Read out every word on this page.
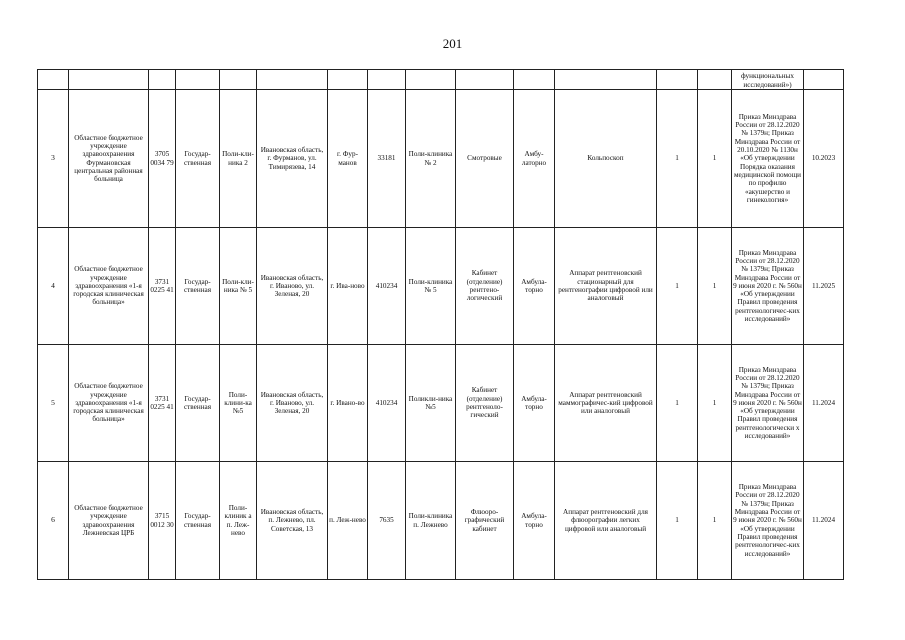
201
														функциональных исследований»)	
3	Областное бюджетное учреждение здравоохранения Фурмановская центральная районная больница	3705 0034 79	Государ-ственная	Поли-кли-ника 2	Ивановская область, г. Фурманов, ул. Тимирязева, 14	г. Фур-манов	33181	Поли-клиника № 2	Смотровые	Амбу-латорно	Кольпоскоп	1	1	Приказ Минздрава России от 28.12.2020 № 1379н; Приказ Минздрава России от 20.10.2020 № 1130н «Об утверждении Порядка оказания медицинской помощи по профилю «акушерство и гинекология»	10.2023
4	Областное бюджетное учреждение здравоохранения «1-я городская клиническая больница»	3731 0225 41	Государ-ственная	Поли-кли-ника № 5	Ивановская область, г. Иваново, ул. Зеленая, 20	г. Ива-ново	410234	Поли-клиника № 5	Кабинет (отделение) рентгено-логический	Амбула-торно	Аппарат рентгеновский стационарный для рентгенографии цифровой или аналоговый	1	1	Приказ Минздрава России от 28.12.2020 № 1379н; Приказ Минздрава России от 9 июня 2020 г. № 560н «Об утверждении Правил проведения рентгенологичес-ких исследований»	11.2025
5	Областное бюджетное учреждение здравоохранения «1-я городская клиническая больница»	3731 0225 41	Государ-ственная	Поли-клини-ка №5	Ивановская область, г. Иваново, ул. Зеленая, 20	г. Ивано-во	410234	Поликли-ника №5	Кабинет (отделение) рентгеноло-гический	Амбула-торно	Аппарат рентгеновский маммографичес-кий цифровой или аналоговый	1	1	Приказ Минздрава России от 28.12.2020 № 1379н; Приказ Минздрава России от 9 июня 2020 г. № 560н «Об утверждении Правил проведения рентгенологически х исследований»	11.2024
6	Областное бюджетное учреждение здравоохранения Лежневская ЦРБ	3715 0012 30	Государ-ственная	Поли-клиник а п. Леж-нево	Ивановская область, п. Лежнево, пл. Советская, 13	п. Леж-нево	7635	Поли-клиника п. Лежнево	Флюоро-графический кабинет	Амбула-торно	Аппарат рентгеновский для флюорографии легких цифровой или аналоговый	1	1	Приказ Минздрава России от 28.12.2020 № 1379н; Приказ Минздрава России от 9 июня 2020 г. № 560н «Об утверждении Правил проведения рентгенологичес-ких исследований»	11.2024
